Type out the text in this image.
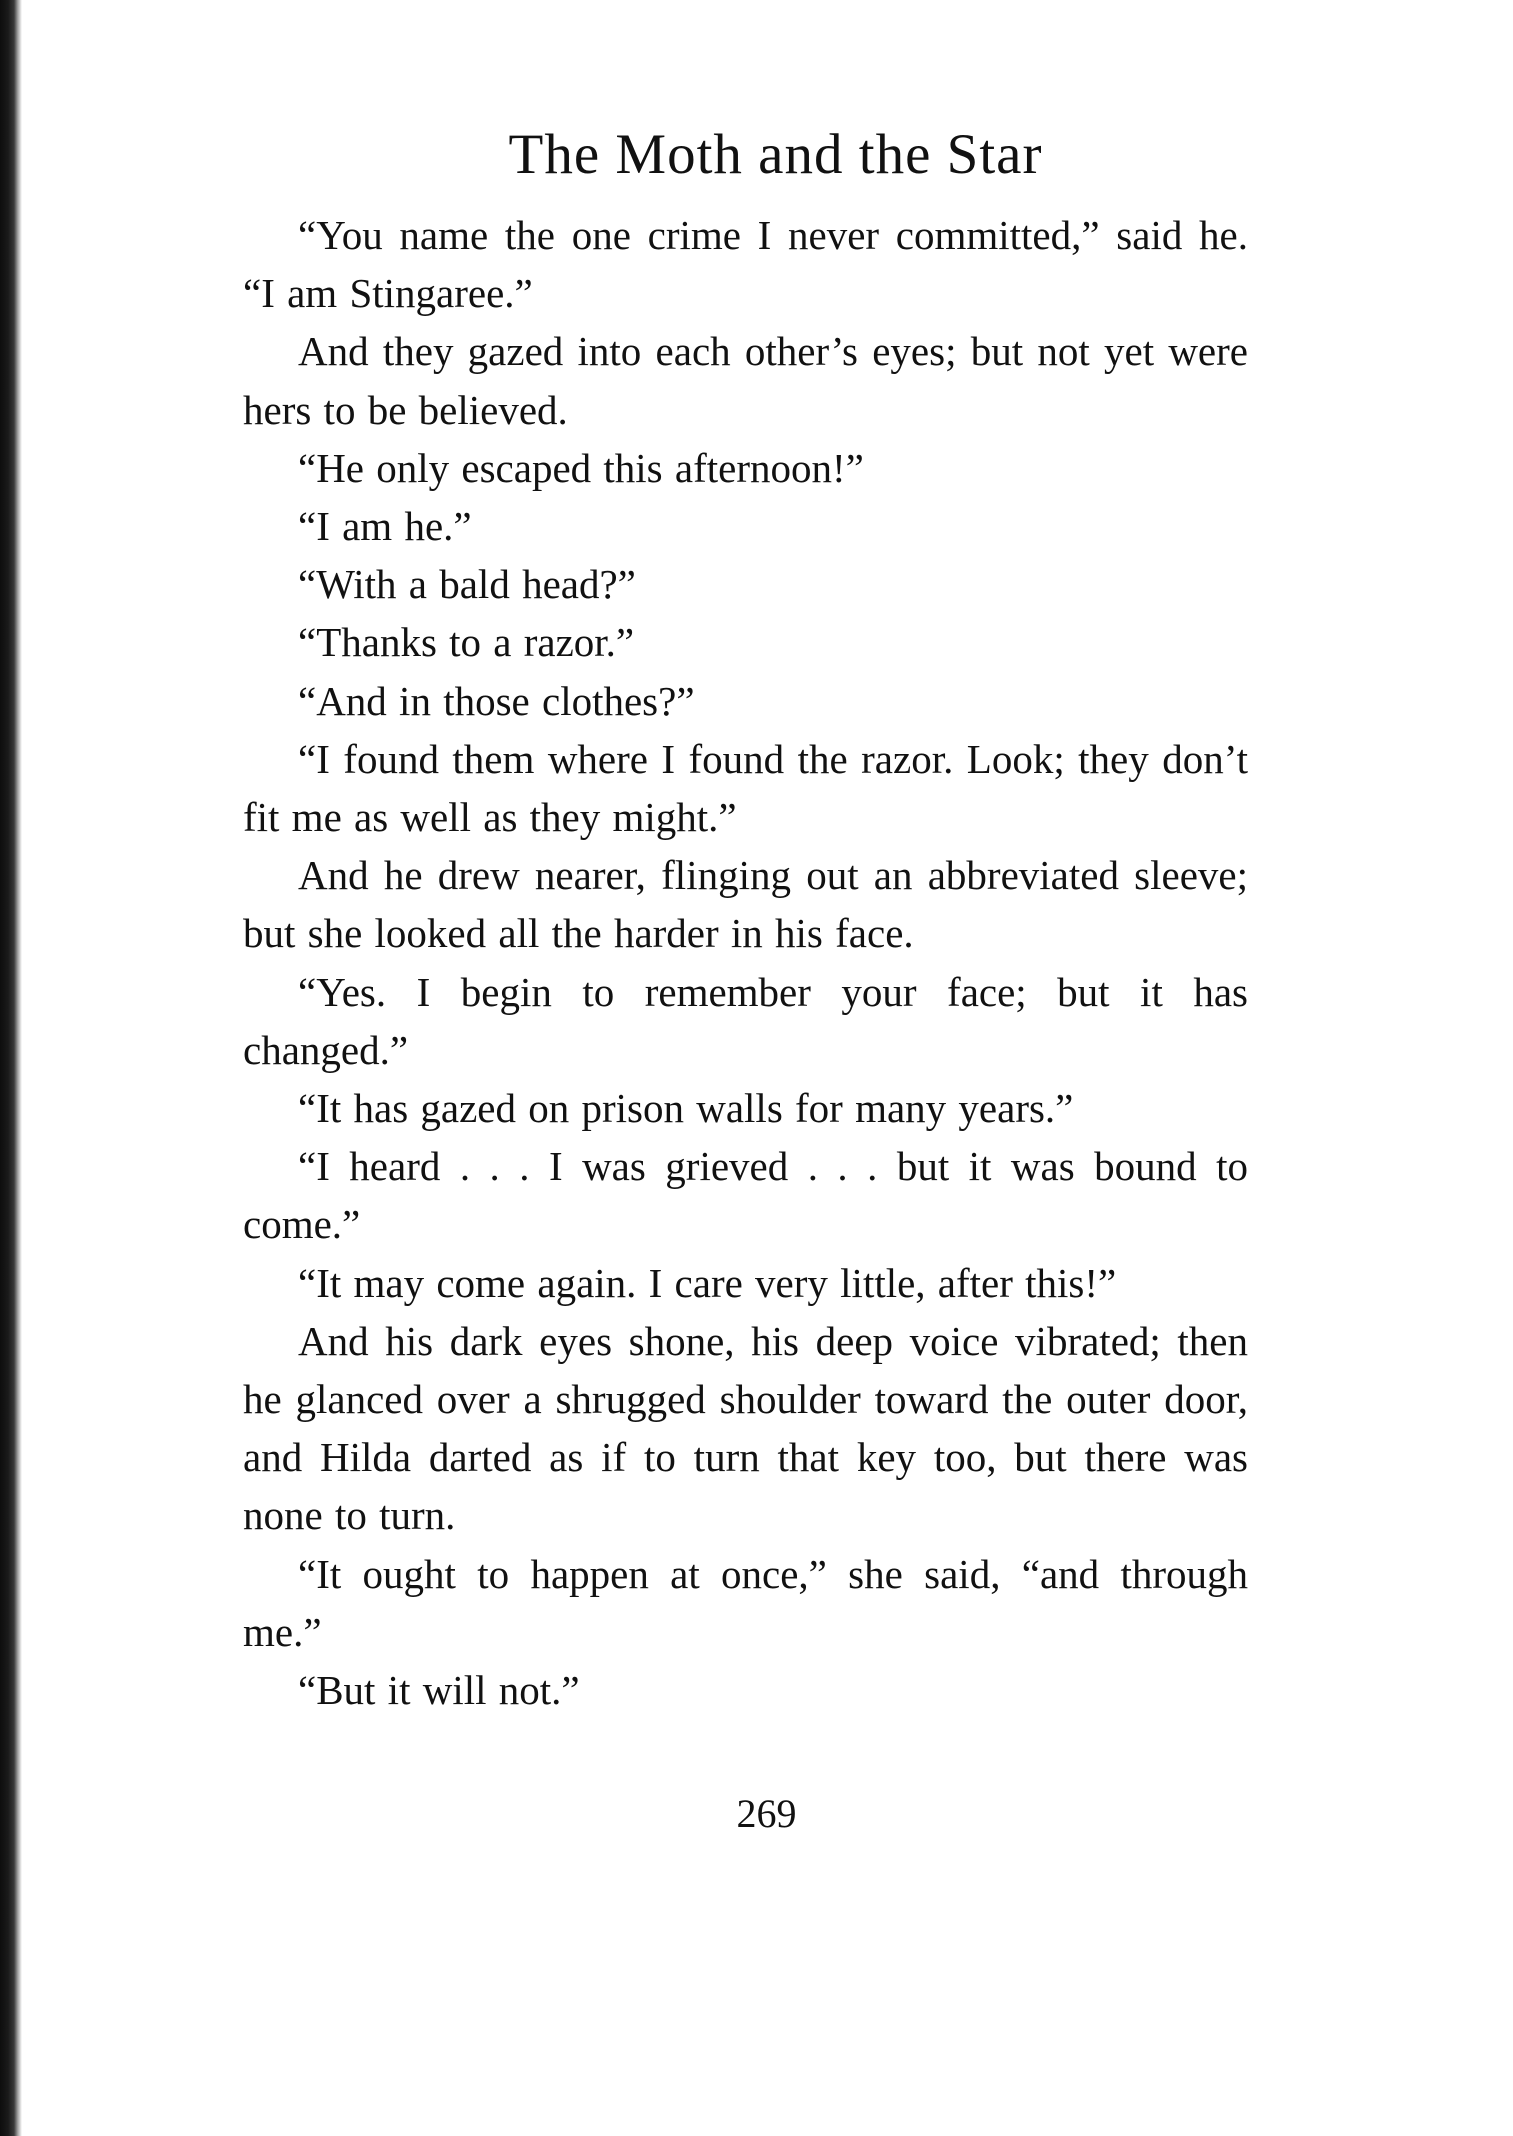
The Moth and the Star

“You name the one crime I never committed,” said he. “I am Stingaree.”

And they gazed into each other’s eyes; but not yet were hers to be believed.

“He only escaped this afternoon!”

“I am he.”

“With a bald head?”

“Thanks to a razor.”

“And in those clothes?”

“I found them where I found the razor. Look; they don’t fit me as well as they might.”

And he drew nearer, flinging out an abbreviated sleeve; but she looked all the harder in his face.

“Yes. I begin to remember your face; but it has changed.”

“It has gazed on prison walls for many years.”

“I heard . . . I was grieved . . . but it was bound to come.”

“It may come again. I care very little, after this!”

And his dark eyes shone, his deep voice vibrated; then he glanced over a shrugged shoulder toward the outer door, and Hilda darted as if to turn that key too, but there was none to turn.

“It ought to happen at once,” she said, “and through me.”

“But it will not.”

269
